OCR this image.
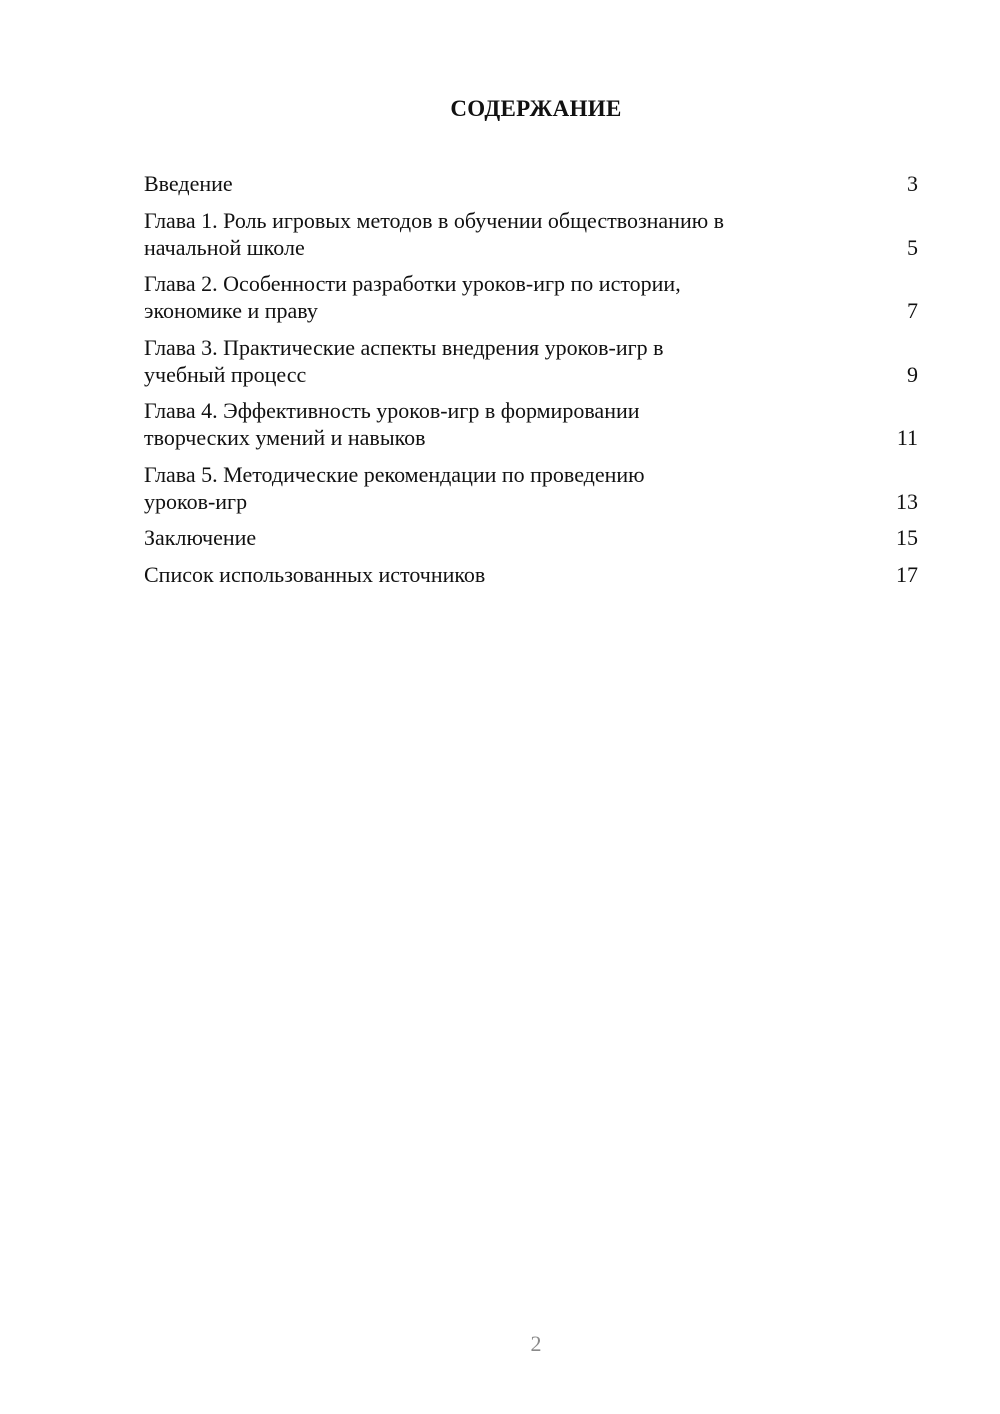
СОДЕРЖАНИЕ
Введение	3
Глава 1. Роль игровых методов в обучении обществознанию в
начальной школе	5
Глава 2. Особенности разработки уроков-игр по истории,
экономике и праву	7
Глава 3. Практические аспекты внедрения уроков-игр в
учебный процесс	9
Глава 4. Эффективность уроков-игр в формировании
творческих умений и навыков	11
Глава 5. Методические рекомендации по проведению
уроков-игр	13
Заключение	15
Список использованных источников	17
2
